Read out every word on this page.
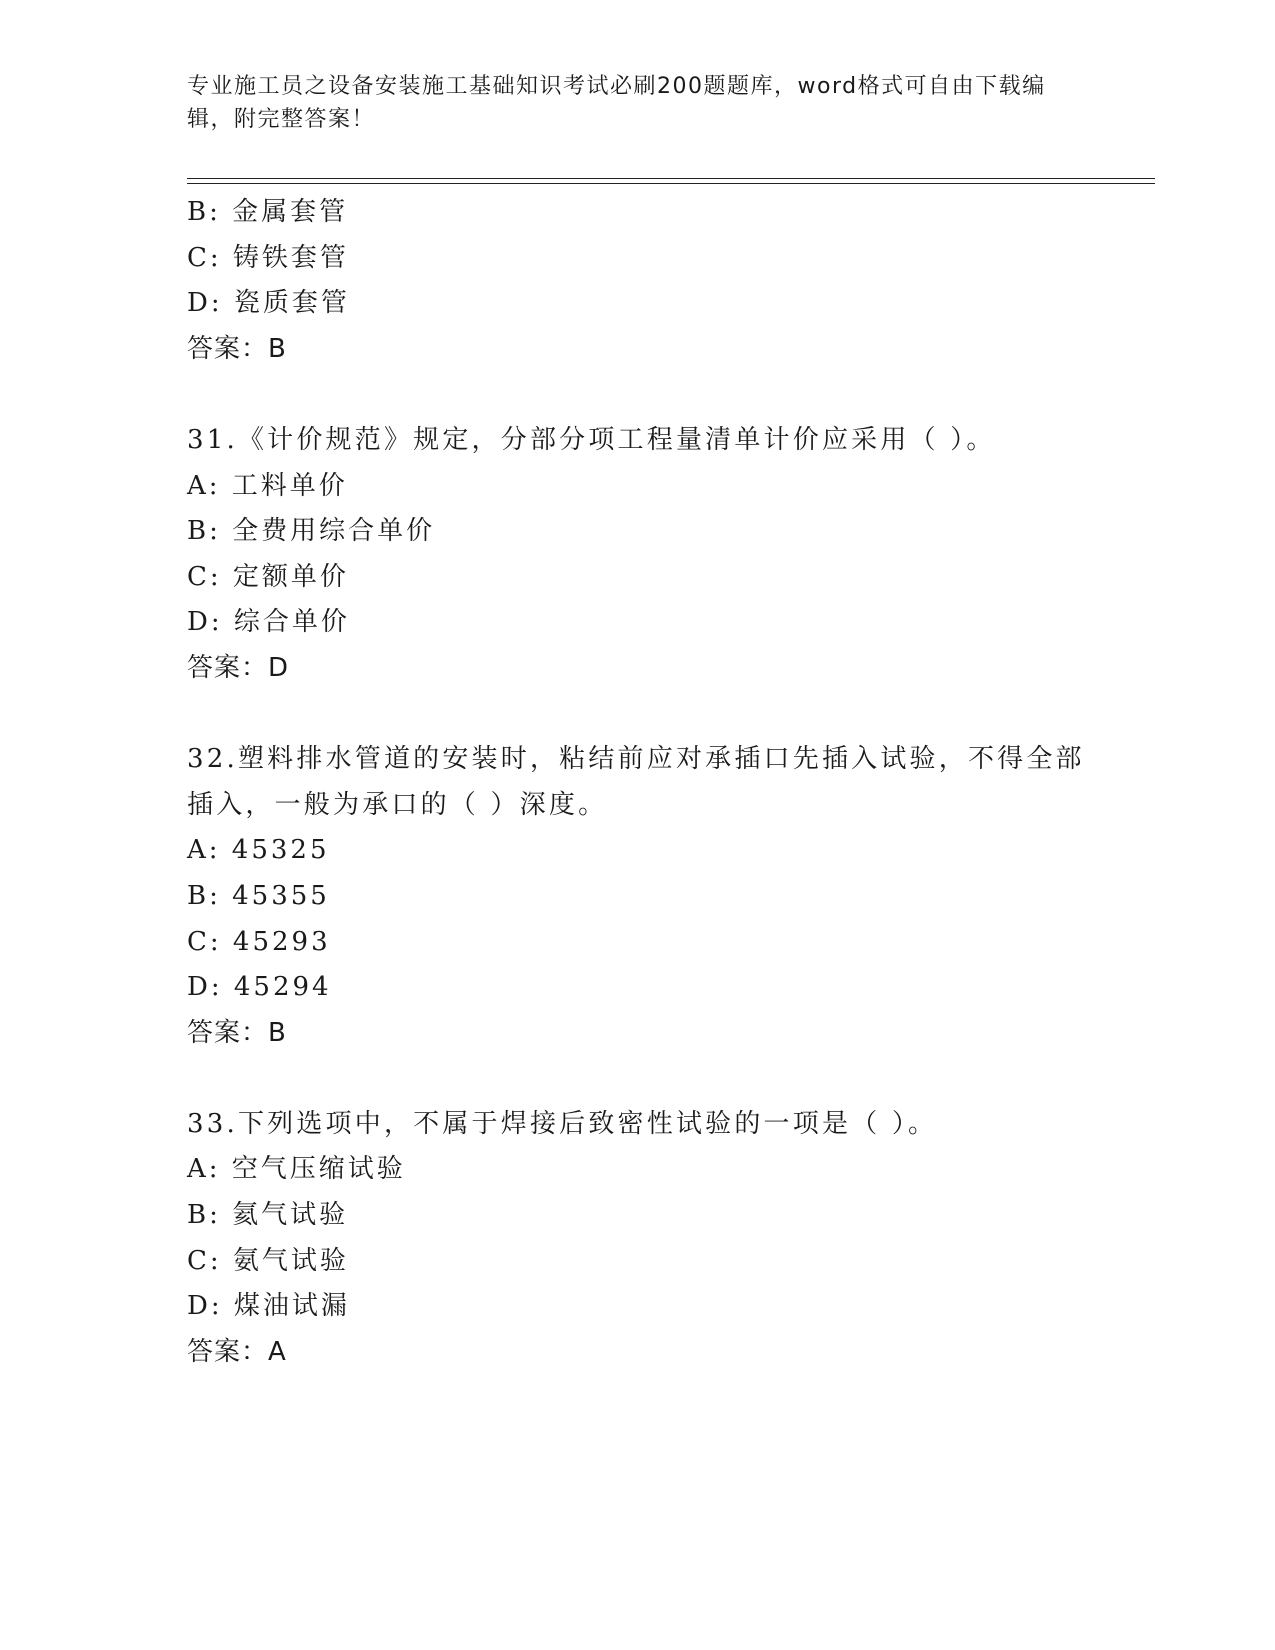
专业施工员之设备安装施工基础知识考试必刷200题题库，word格式可自由下载编辑，附完整答案！
B: 金属套管
C: 铸铁套管
D: 瓷质套管
答案：B
31.《计价规范》规定，分部分项工程量清单计价应采用（ ）。
A: 工料单价
B: 全费用综合单价
C: 定额单价
D: 综合单价
答案：D
32.塑料排水管道的安装时，粘结前应对承插口先插入试验，不得全部插入，一般为承口的（ ）深度。
A: 45325
B: 45355
C: 45293
D: 45294
答案：B
33.下列选项中，不属于焊接后致密性试验的一项是（ ）。
A: 空气压缩试验
B: 氦气试验
C: 氨气试验
D: 煤油试漏
答案：A
